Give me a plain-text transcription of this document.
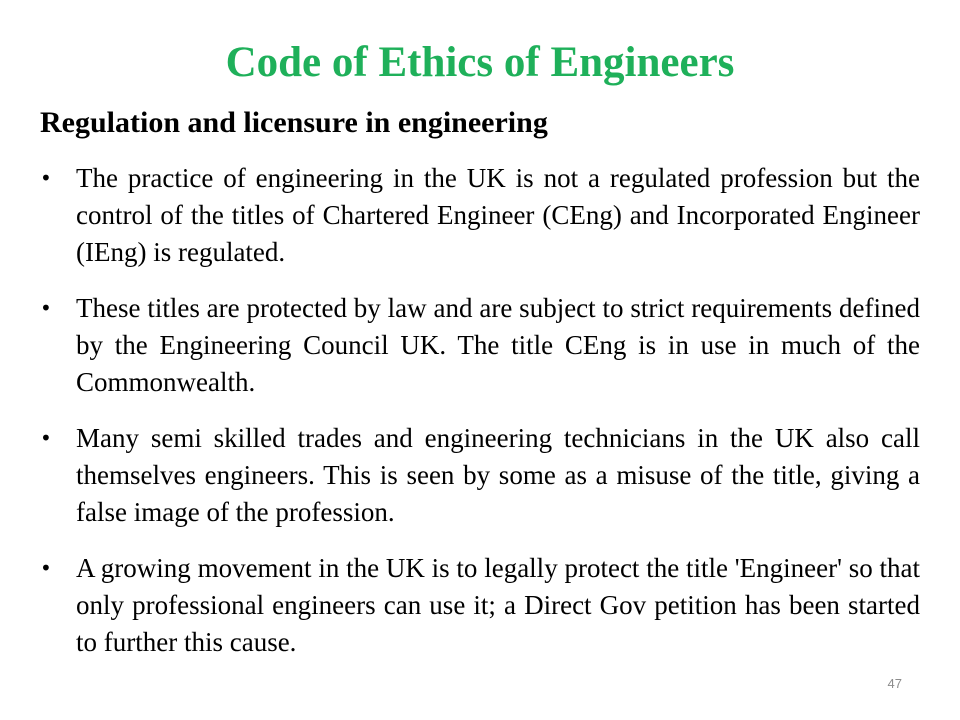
Code of Ethics of Engineers
Regulation and licensure in engineering
• The practice of engineering in the UK is not a regulated profession but the control of the titles of Chartered Engineer (CEng) and Incorporated Engineer (IEng) is regulated.
• These titles are protected by law and are subject to strict requirements defined by the Engineering Council UK. The title CEng is in use in much of the Commonwealth.
• Many semi skilled trades and engineering technicians in the UK also call themselves engineers. This is seen by some as a misuse of the title, giving a false image of the profession.
• A growing movement in the UK is to legally protect the title 'Engineer' so that only professional engineers can use it; a Direct Gov petition has been started to further this cause.
47
